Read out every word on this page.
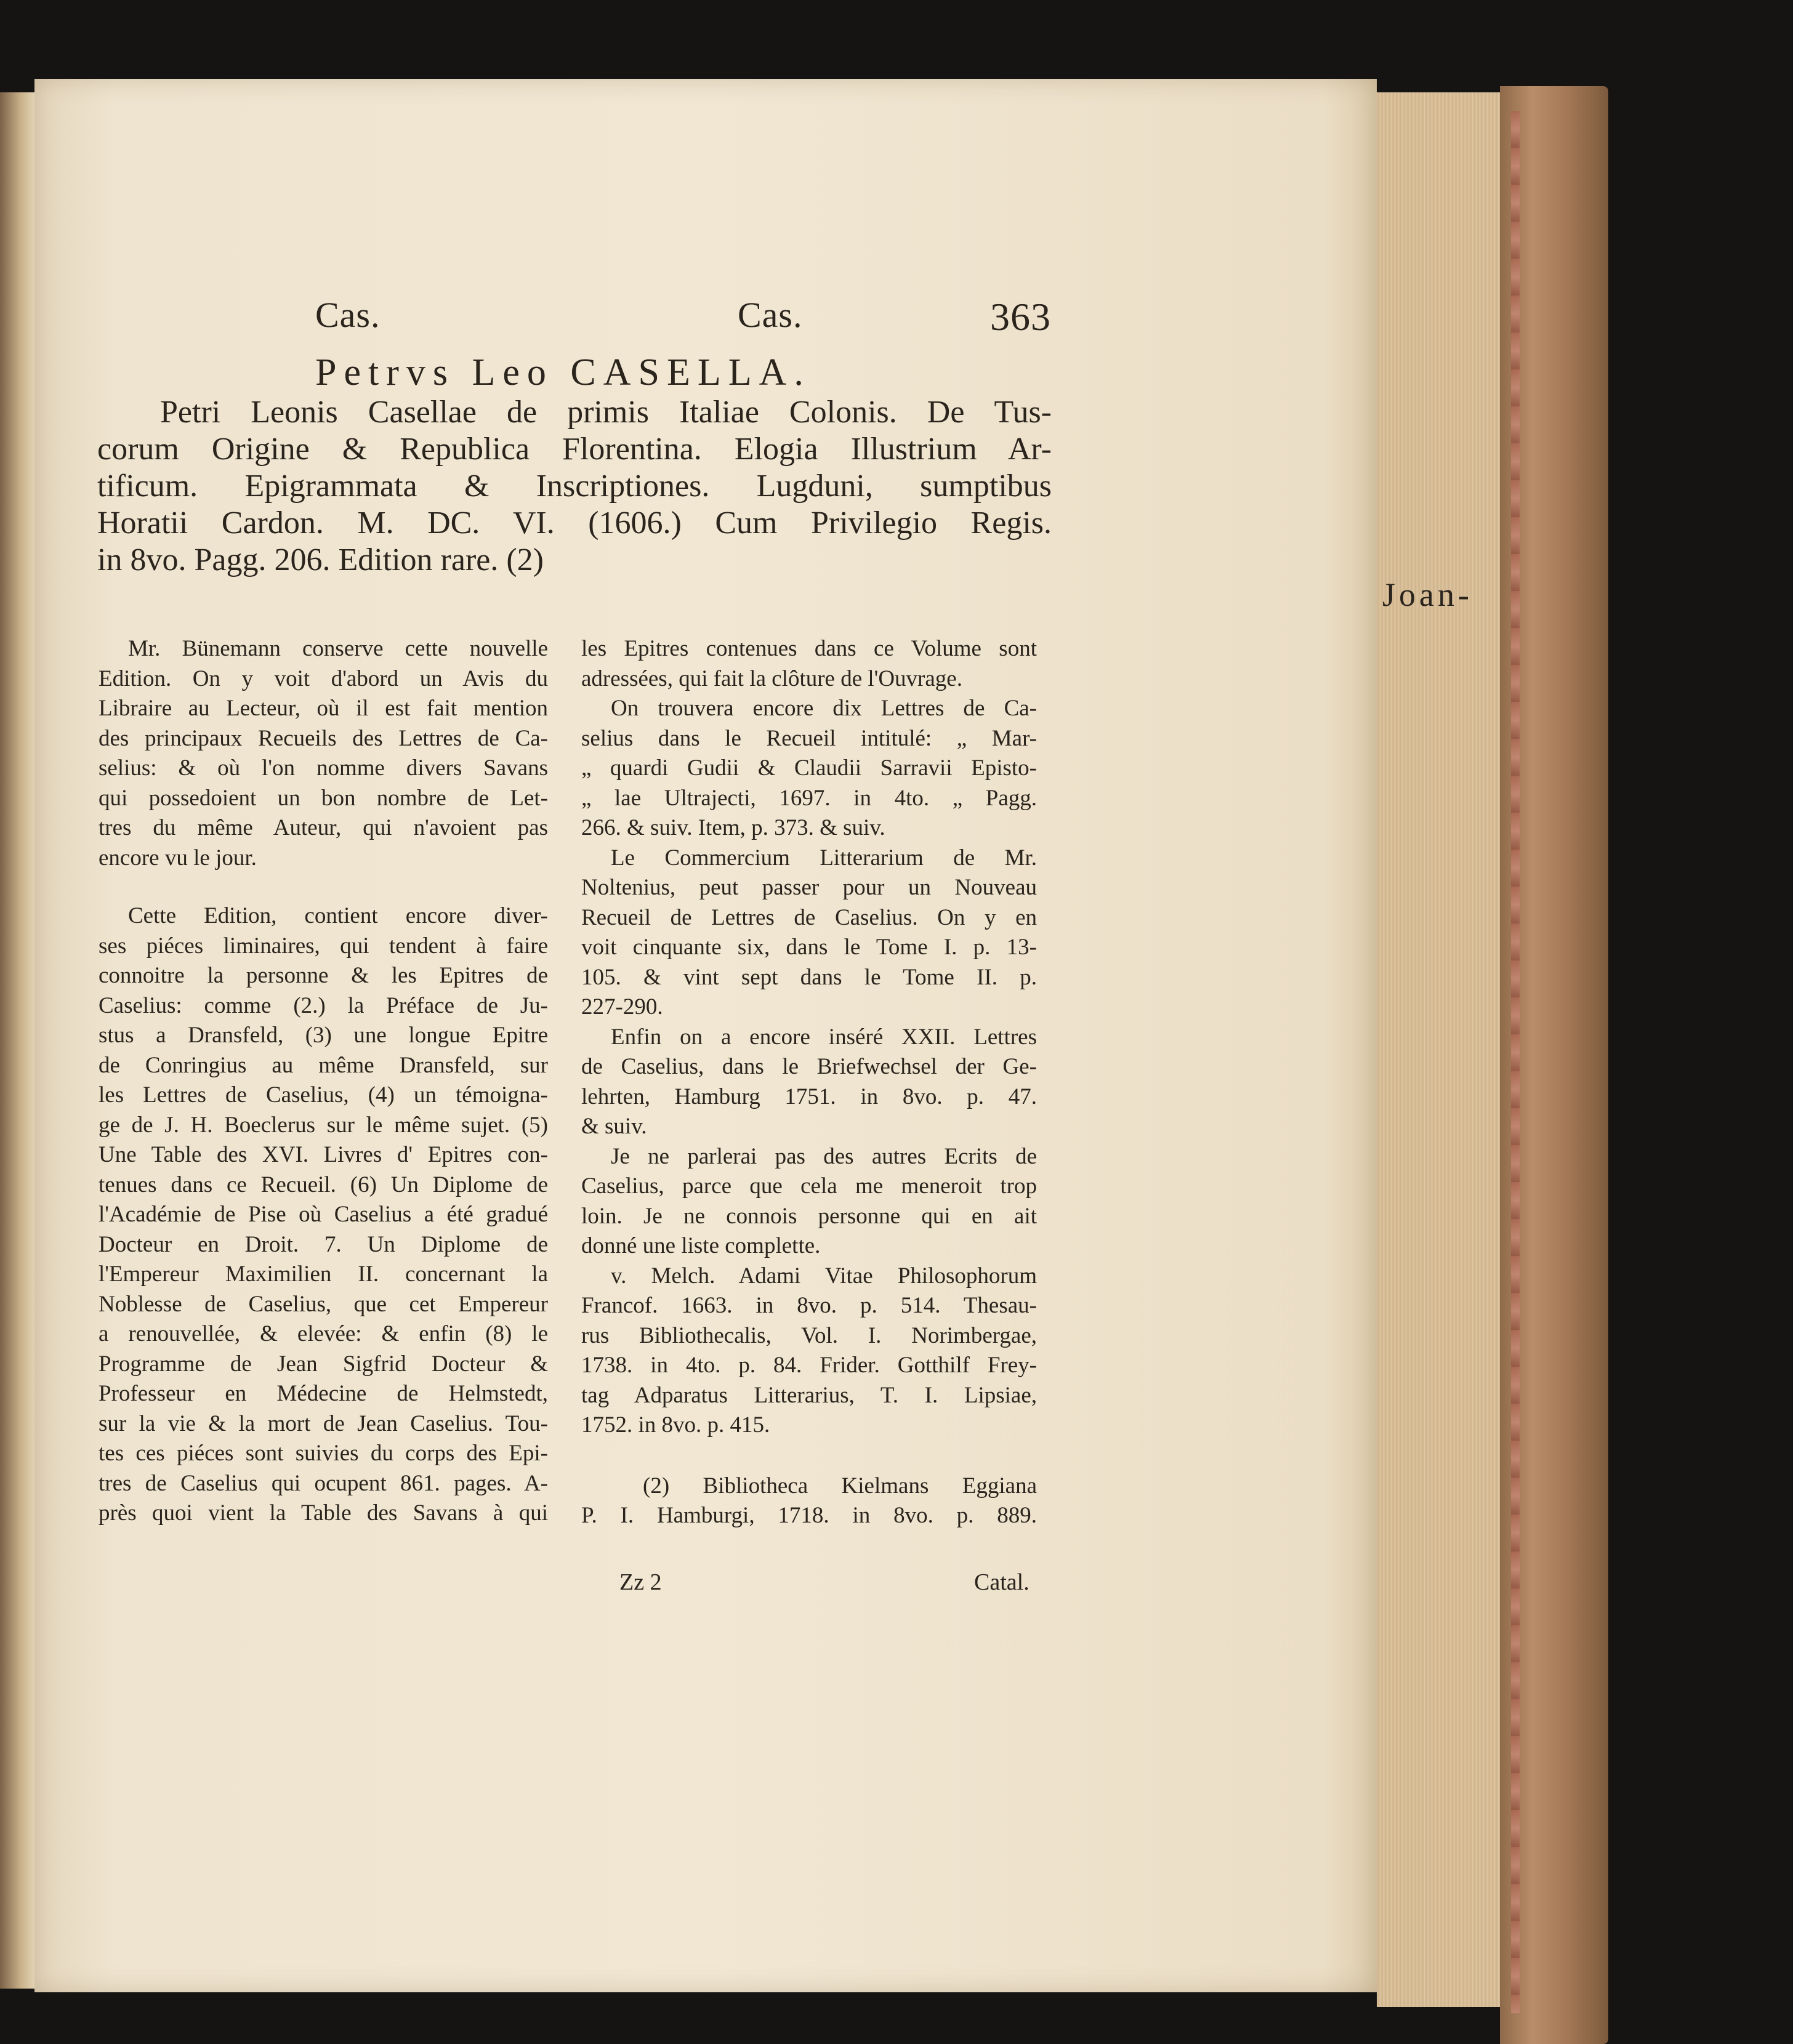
Cas.	Cas.	363
Petrvs Leo CASELLA.
Petri Leonis Casellae de primis Italiae Colonis. De Tus-
corum Origine & Republica Florentina. Elogia Illustrium Ar-
tificum. Epigrammata & Inscriptiones. Lugduni, sumptibus
Horatii Cardon. M. DC. VI. (1606.) Cum Privilegio Regis.
in 8vo. Pagg. 206. Edition rare. (2)
Joan-
Mr. Bünemann conserve cette nouvelle
Edition. On y voit d'abord un Avis du
Libraire au Lecteur, où il est fait mention
des principaux Recueils des Lettres de Ca-
selius: & où l'on nomme divers Savans
qui possedoient un bon nombre de Let-
tres du même Auteur, qui n'avoient pas
encore vu le jour.
Cette Edition, contient encore diver-
ses piéces liminaires, qui tendent à faire
connoitre la personne & les Epitres de
Caselius: comme (2.) la Préface de Ju-
stus a Dransfeld, (3) une longue Epitre
de Conringius au même Dransfeld, sur
les Lettres de Caselius, (4) un témoigna-
ge de J. H. Boeclerus sur le même sujet. (5)
Une Table des XVI. Livres d' Epitres con-
tenues dans ce Recueil. (6) Un Diplome de
l'Académie de Pise où Caselius a été gradué
Docteur en Droit. 7. Un Diplome de
l'Empereur Maximilien II. concernant la
Noblesse de Caselius, que cet Empereur
a renouvellée, & elevée: & enfin (8) le
Programme de Jean Sigfrid Docteur &
Professeur en Médecine de Helmstedt,
sur la vie & la mort de Jean Caselius. Tou-
tes ces piéces sont suivies du corps des Epi-
tres de Caselius qui ocupent 861. pages. A-
près quoi vient la Table des Savans à qui
les Epitres contenues dans ce Volume sont
adressées, qui fait la clôture de l'Ouvrage.
On trouvera encore dix Lettres de Ca-
selius dans le Recueil intitulé: „ Mar-
„ quardi Gudii & Claudii Sarravii Episto-
„ lae Ultrajecti, 1697. in 4to. „ Pagg.
266. & suiv. Item, p. 373. & suiv.
Le Commercium Litterarium de Mr.
Noltenius, peut passer pour un Nouveau
Recueil de Lettres de Caselius. On y en
voit cinquante six, dans le Tome I. p. 13-
105. & vint sept dans le Tome II. p.
227-290.
Enfin on a encore inséré XXII. Lettres
de Caselius, dans le Briefwechsel der Ge-
lehrten, Hamburg 1751. in 8vo. p. 47.
& suiv.
Je ne parlerai pas des autres Ecrits de
Caselius, parce que cela me meneroit trop
loin. Je ne connois personne qui en ait
donné une liste complette.
v. Melch. Adami Vitae Philosophorum
Francof. 1663. in 8vo. p. 514. Thesau-
rus Bibliothecalis, Vol. I. Norimbergae,
1738. in 4to. p. 84. Frider. Gotthilf Frey-
tag Adparatus Litterarius, T. I. Lipsiae,
1752. in 8vo. p. 415.
(2) Bibliotheca Kielmans Eggiana
P. I. Hamburgi, 1718. in 8vo. p. 889.
Zz 2	Catal.
